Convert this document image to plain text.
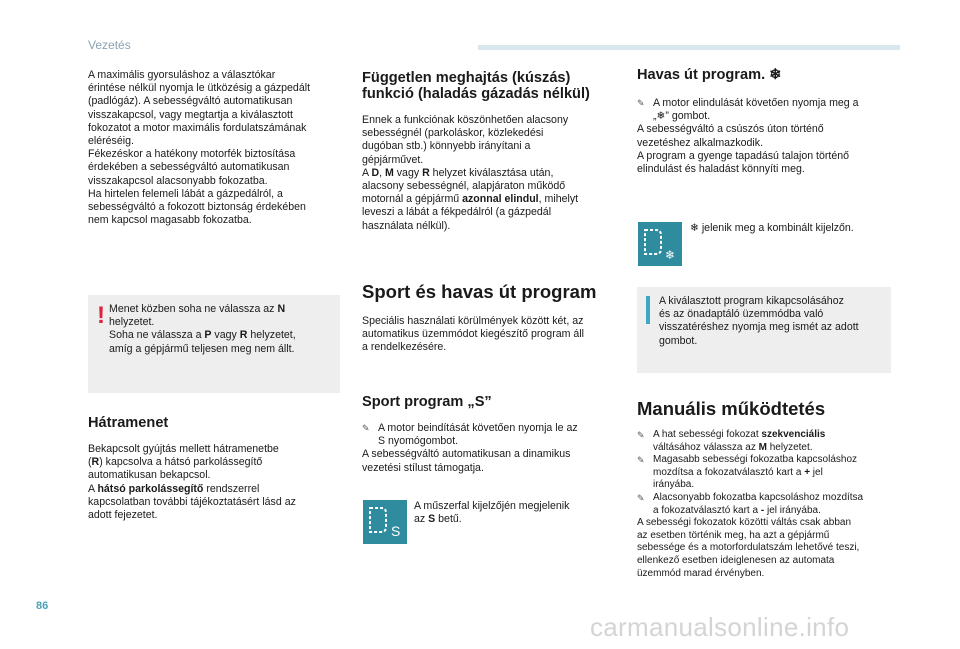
Vezetés

A maximális gyorsuláshoz a választókar

érintése nélkül nyomja le ütközésig a gázpedált

(padlógáz). A sebességváltó automatikusan

visszakapcsol, vagy megtartja a kiválasztott

fokozatot a motor maximális fordulatszámának

eléréséig.

Fékezéskor a hatékony motorfék biztosítása

érdekében a sebességváltó automatikusan

visszakapcsol alacsonyabb fokozatba.

Ha hirtelen felemeli lábát a gázpedálról, a

sebességváltó a fokozott biztonság érdekében

nem kapcsol magasabb fokozatba.

! Menet közben soha ne válassza az N

helyzetet.

Soha ne válassza a P vagy R helyzetet,

amíg a gépjármű teljesen meg nem állt.

Hátramenet

Bekapcsolt gyújtás mellett hátramenetbe

(R) kapcsolva a hátsó parkolássegítő

automatikusan bekapcsol.

A hátsó parkolássegítő rendszerrel

kapcsolatban további tájékoztatásért lásd az

adott fejezetet.

Független meghajtás (kúszás)

funkció (haladás gázadás nélkül)

Ennek a funkciónak köszönhetően alacsony

sebességnél (parkoláskor, közlekedési

dugóban stb.) könnyebb irányítani a

gépjárművet.

A D, M vagy R helyzet kiválasztása után,

alacsony sebességnél, alapjáraton működő

motornál a gépjármű azonnal elindul, mihelyt

leveszi a lábát a fékpedálról (a gázpedál

használata nélkül).

Sport és havas út program

Speciális használati körülmények között két, az

automatikus üzemmódot kiegészítő program áll

a rendelkezésére.

Sport program „S”

✎ A motor beindítását követően nyomja le az
S nyomógombot.

A sebességváltó automatikusan a dinamikus

vezetési stílust támogatja.

S

A műszerfal kijelzőjén megjelenik

az S betű.

Havas út program. ❄

✎ A motor elindulását követően nyomja meg a
„❄” gombot.

A sebességváltó a csúszós úton történő

vezetéshez alkalmazkodik.

A program a gyenge tapadású talajon történő

elindulást és haladást könnyíti meg.

❄

❄ jelenik meg a kombinált kijelzőn.

A kiválasztott program kikapcsolásához

és az önadaptáló üzemmódba való

visszatéréshez nyomja meg ismét az adott

gombot.

Manuális működtetés

✎ A hat sebességi fokozat szekvenciális
váltásához válassza az M helyzetet.
✎ Magasabb sebességi fokozatba kapcsoláshoz
mozdítsa a fokozatválasztó kart a + jel
irányába.
✎ Alacsonyabb fokozatba kapcsoláshoz mozdítsa
a fokozatválasztó kart a - jel irányába.

A sebességi fokozatok közötti váltás csak abban

az esetben történik meg, ha azt a gépjármű

sebessége és a motorfordulatszám lehetővé teszi,

ellenkező esetben ideiglenesen az automata

üzemmód marad érvényben.

86
carmanualsonline.info
